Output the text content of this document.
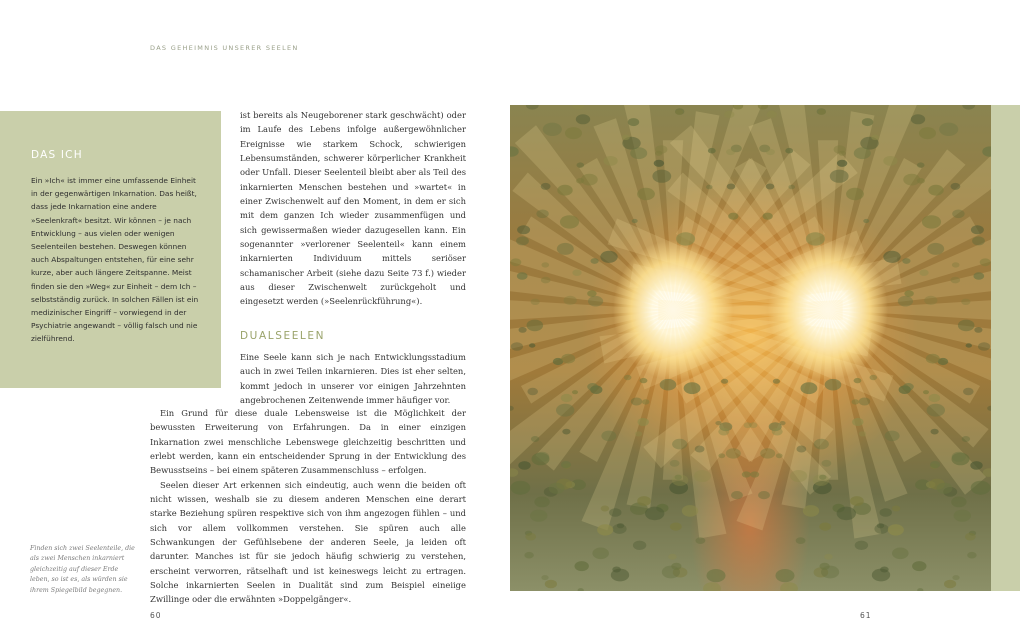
DAS GEHEIMNIS UNSERER SEELEN
DAS ICH
Ein »Ich« ist immer eine umfassende Einheit in der gegenwärtigen Inkarnation. Das heißt, dass jede Inkarnation eine andere »Seelenkraft« besitzt. Wir können – je nach Entwicklung – aus vielen oder wenigen Seelenteilen bestehen. Deswegen können auch Abspaltungen entstehen, für eine sehr kurze, aber auch längere Zeitspanne. Meist finden sie den »Weg« zur Einheit – dem Ich – selbstständig zurück. In solchen Fällen ist ein medizinischer Eingriff – vorwiegend in der Psychiatrie angewandt – völlig falsch und nie zielführend.
ist bereits als Neugeborener stark geschwächt) oder im Laufe des Lebens infolge außergewöhnlicher Ereignisse wie starkem Schock, schwierigen Lebensumständen, schwerer körperlicher Krankheit oder Unfall. Dieser Seelenteil bleibt aber als Teil des inkarnierten Menschen bestehen und »wartet« in einer Zwischenwelt auf den Moment, in dem er sich mit dem ganzen Ich wieder zusammenfügen und sich gewissermaßen wieder dazugesellen kann. Ein sogenannter »verlorener Seelenteil« kann einem inkarnierten Individuum mittels seriöser schamanischer Arbeit (siehe dazu Seite 73 f.) wieder aus dieser Zwischenwelt zurückgeholt und eingesetzt werden (»Seelenrückführung«).
DUALSEELEN
Eine Seele kann sich je nach Entwicklungsstadium auch in zwei Teilen inkarnieren. Dies ist eher selten, kommt jedoch in unserer vor einigen Jahrzehnten angebrochenen Zeitenwende immer häufiger vor.

Ein Grund für diese duale Lebensweise ist die Möglichkeit der bewussten Erweiterung von Erfahrungen. Da in einer einzigen Inkarnation zwei menschliche Lebenswege gleichzeitig beschritten und erlebt werden, kann ein entscheidender Sprung in der Entwicklung des Bewusstseins – bei einem späteren Zusammenschluss – erfolgen.

Seelen dieser Art erkennen sich eindeutig, auch wenn die beiden oft nicht wissen, weshalb sie zu diesem anderen Menschen eine derart starke Beziehung spüren respektive sich von ihm angezogen fühlen – und sich vor allem vollkommen verstehen. Sie spüren auch alle Schwankungen der Gefühlsebene der anderen Seele, ja leiden oft darunter. Manches ist für sie jedoch häufig schwierig zu verstehen, erscheint verworren, rätselhaft und ist keineswegs leicht zu ertragen. Solche inkarnierten Seelen in Dualität sind zum Beispiel eineiige Zwillinge oder die erwähnten »Doppelgänger«.

Finden sich zwei Seelenteile, die als zwei Menschen inkarniert gleichzeitig auf dieser Erde leben, so ist es, als würden sie ihrem Spiegelbild begegnen.
60	61
